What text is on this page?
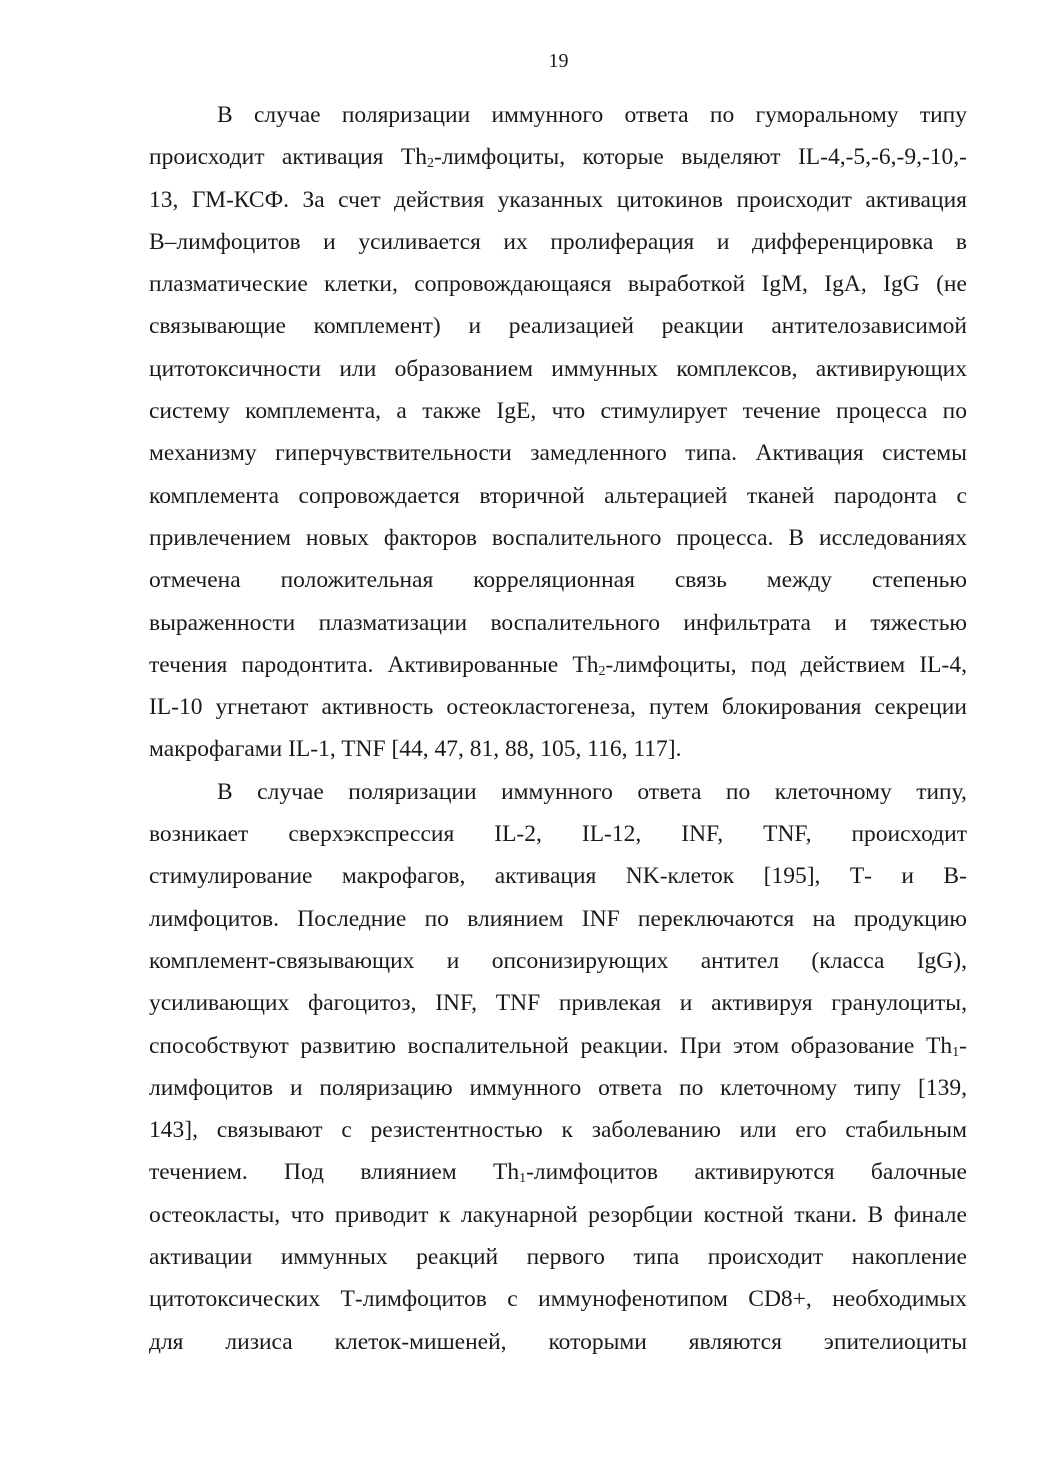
19
В случае поляризации иммунного ответа по гуморальному типу
происходит активация $Th_2$-лимфоциты, которые выделяют IL-4,-5,-6,-9,-10,-
13, ГМ-КСФ. За счет действия указанных цитокинов происходит активация
В–лимфоцитов и усиливается их пролиферация и дифференцировка в
плазматические клетки, сопровождающаяся выработкой IgM, IgA, IgG (не
связывающие комплемент) и реализацией реакции антителозависимой
цитотоксичности или образованием иммунных комплексов, активирующих
систему комплемента, а также IgE, что стимулирует течение процесса по
механизму гиперчувствительности замедленного типа. Активация системы
комплемента сопровождается вторичной альтерацией тканей пародонта с
привлечением новых факторов воспалительного процесса. В исследованиях
отмечена положительная корреляционная связь между степенью
выраженности плазматизации воспалительного инфильтрата и тяжестью
течения пародонтита. Активированные $Th_2$-лимфоциты, под действием IL-4,
IL-10 угнетают активность остеокластогенеза, путем блокирования секреции
макрофагами IL-1, TNF [44, 47, 81, 88, 105, 116, 117].
В случае поляризации иммунного ответа по клеточному типу,
возникает сверхэкспрессия IL-2, IL-12, INF, TNF, происходит
стимулирование макрофагов, активация NK-клеток [195], Т- и В-
лимфоцитов. Последние по влиянием INF переключаются на продукцию
комплемент-связывающих и опсонизирующих антител (класса IgG),
усиливающих фагоцитоз, INF, TNF привлекая и активируя гранулоциты,
способствуют развитию воспалительной реакции. При этом образование $Th_1-$
лимфоцитов и поляризацию иммунного ответа по клеточному типу [139,
143], связывают с резистентностью к заболеванию или его стабильным
течением. Под влиянием $Th_1$-лимфоцитов активируются балочные
остеокласты, что приводит к лакунарной резорбции костной ткани. В финале
активации иммунных реакций первого типа происходит накопление
цитотоксических Т-лимфоцитов с иммунофенотипом CD8+, необходимых
для лизиса клеток-мишеней, которыми являются эпителиоциты
